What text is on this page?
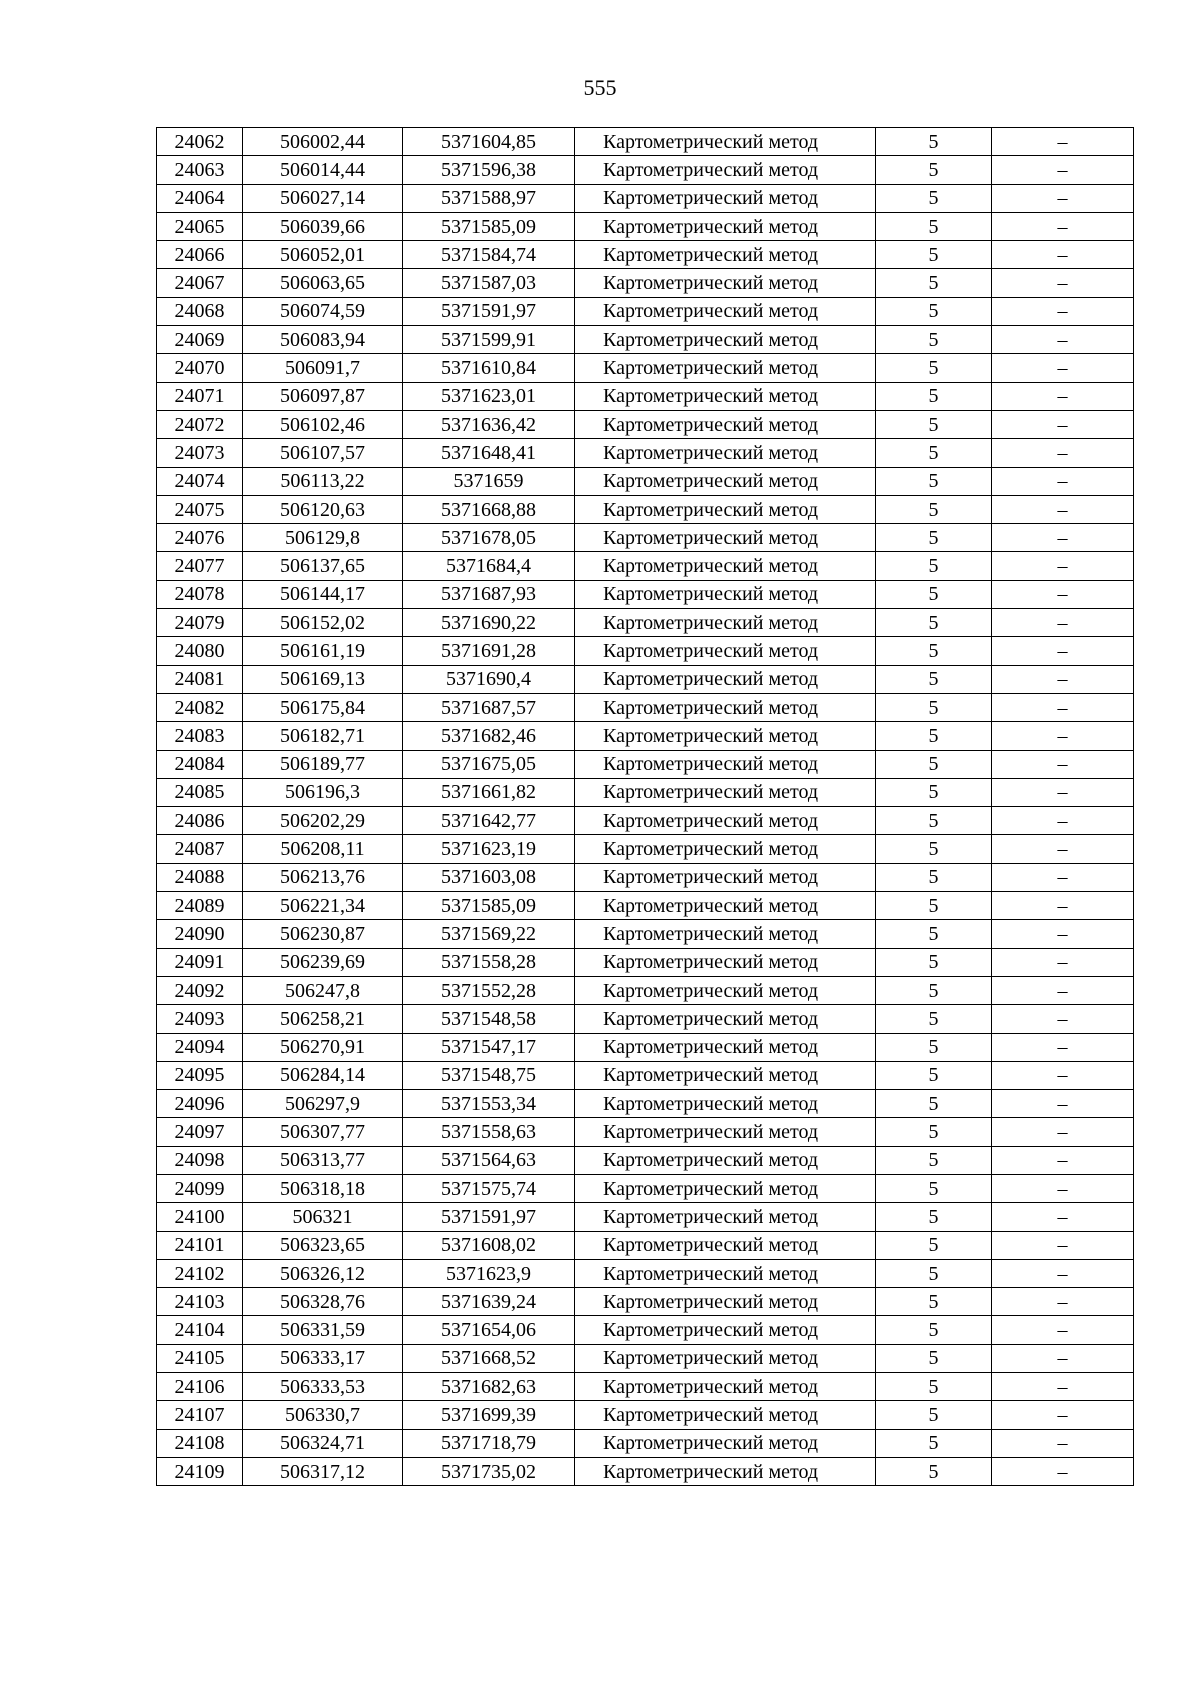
555
24062	506002,44	5371604,85	Картометрический метод	5	–
24063	506014,44	5371596,38	Картометрический метод	5	–
24064	506027,14	5371588,97	Картометрический метод	5	–
24065	506039,66	5371585,09	Картометрический метод	5	–
24066	506052,01	5371584,74	Картометрический метод	5	–
24067	506063,65	5371587,03	Картометрический метод	5	–
24068	506074,59	5371591,97	Картометрический метод	5	–
24069	506083,94	5371599,91	Картометрический метод	5	–
24070	506091,7	5371610,84	Картометрический метод	5	–
24071	506097,87	5371623,01	Картометрический метод	5	–
24072	506102,46	5371636,42	Картометрический метод	5	–
24073	506107,57	5371648,41	Картометрический метод	5	–
24074	506113,22	5371659	Картометрический метод	5	–
24075	506120,63	5371668,88	Картометрический метод	5	–
24076	506129,8	5371678,05	Картометрический метод	5	–
24077	506137,65	5371684,4	Картометрический метод	5	–
24078	506144,17	5371687,93	Картометрический метод	5	–
24079	506152,02	5371690,22	Картометрический метод	5	–
24080	506161,19	5371691,28	Картометрический метод	5	–
24081	506169,13	5371690,4	Картометрический метод	5	–
24082	506175,84	5371687,57	Картометрический метод	5	–
24083	506182,71	5371682,46	Картометрический метод	5	–
24084	506189,77	5371675,05	Картометрический метод	5	–
24085	506196,3	5371661,82	Картометрический метод	5	–
24086	506202,29	5371642,77	Картометрический метод	5	–
24087	506208,11	5371623,19	Картометрический метод	5	–
24088	506213,76	5371603,08	Картометрический метод	5	–
24089	506221,34	5371585,09	Картометрический метод	5	–
24090	506230,87	5371569,22	Картометрический метод	5	–
24091	506239,69	5371558,28	Картометрический метод	5	–
24092	506247,8	5371552,28	Картометрический метод	5	–
24093	506258,21	5371548,58	Картометрический метод	5	–
24094	506270,91	5371547,17	Картометрический метод	5	–
24095	506284,14	5371548,75	Картометрический метод	5	–
24096	506297,9	5371553,34	Картометрический метод	5	–
24097	506307,77	5371558,63	Картометрический метод	5	–
24098	506313,77	5371564,63	Картометрический метод	5	–
24099	506318,18	5371575,74	Картометрический метод	5	–
24100	506321	5371591,97	Картометрический метод	5	–
24101	506323,65	5371608,02	Картометрический метод	5	–
24102	506326,12	5371623,9	Картометрический метод	5	–
24103	506328,76	5371639,24	Картометрический метод	5	–
24104	506331,59	5371654,06	Картометрический метод	5	–
24105	506333,17	5371668,52	Картометрический метод	5	–
24106	506333,53	5371682,63	Картометрический метод	5	–
24107	506330,7	5371699,39	Картометрический метод	5	–
24108	506324,71	5371718,79	Картометрический метод	5	–
24109	506317,12	5371735,02	Картометрический метод	5	–
